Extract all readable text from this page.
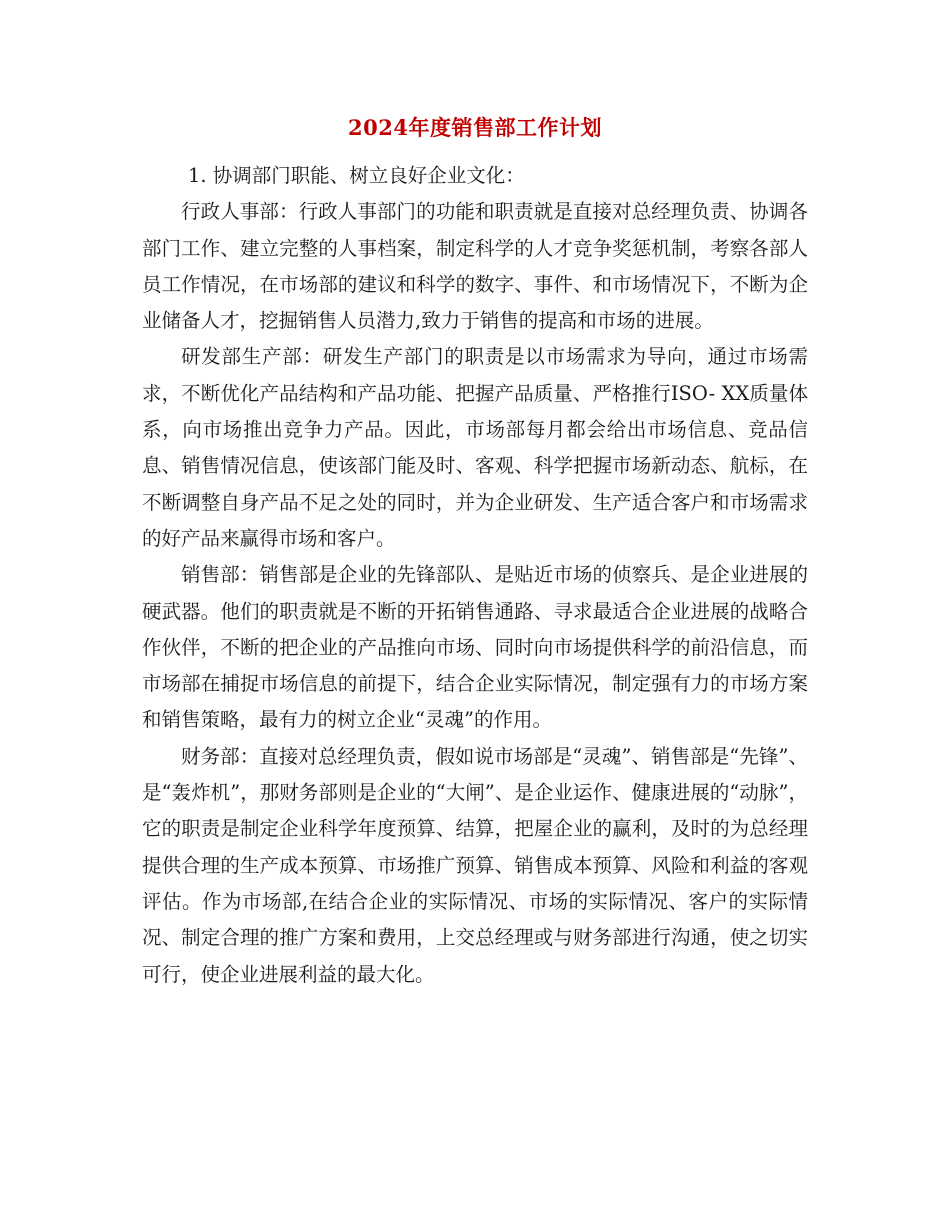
2024年度销售部工作计划

1. 协调部门职能、树立良好企业文化：

行政人事部：行政人事部门的功能和职责就是直接对总经理负责、协调各部门工作、建立完整的人事档案，制定科学的人才竞争奖惩机制，考察各部人员工作情况，在市场部的建议和科学的数字、事件、和市场情况下，不断为企业储备人才，挖掘销售人员潜力,致力于销售的提高和市场的进展。

研发部生产部：研发生产部门的职责是以市场需求为导向，通过市场需求，不断优化产品结构和产品功能、把握产品质量、严格推行ISO- XX质量体系，向市场推出竞争力产品。因此，市场部每月都会给出市场信息、竞品信息、销售情况信息，使该部门能及时、客观、科学把握市场新动态、航标，在不断调整自身产品不足之处的同时，并为企业研发、生产适合客户和市场需求的好产品来赢得市场和客户。

销售部：销售部是企业的先锋部队、是贴近市场的侦察兵、是企业进展的硬武器。他们的职责就是不断的开拓销售通路、寻求最适合企业进展的战略合作伙伴，不断的把企业的产品推向市场、同时向市场提供科学的前沿信息，而市场部在捕捉市场信息的前提下，结合企业实际情况，制定强有力的市场方案和销售策略，最有力的树立企业“灵魂”的作用。

财务部：直接对总经理负责，假如说市场部是“灵魂”、销售部是“先锋”、是“轰炸机”，那财务部则是企业的“大闸”、是企业运作、健康进展的“动脉”，它的职责是制定企业科学年度预算、结算，把屋企业的赢利，及时的为总经理提供合理的生产成本预算、市场推广预算、销售成本预算、风险和利益的客观评估。作为市场部,在结合企业的实际情况、市场的实际情况、客户的实际情况、制定合理的推广方案和费用，上交总经理或与财务部进行沟通，使之切实可行，使企业进展利益的最大化。
